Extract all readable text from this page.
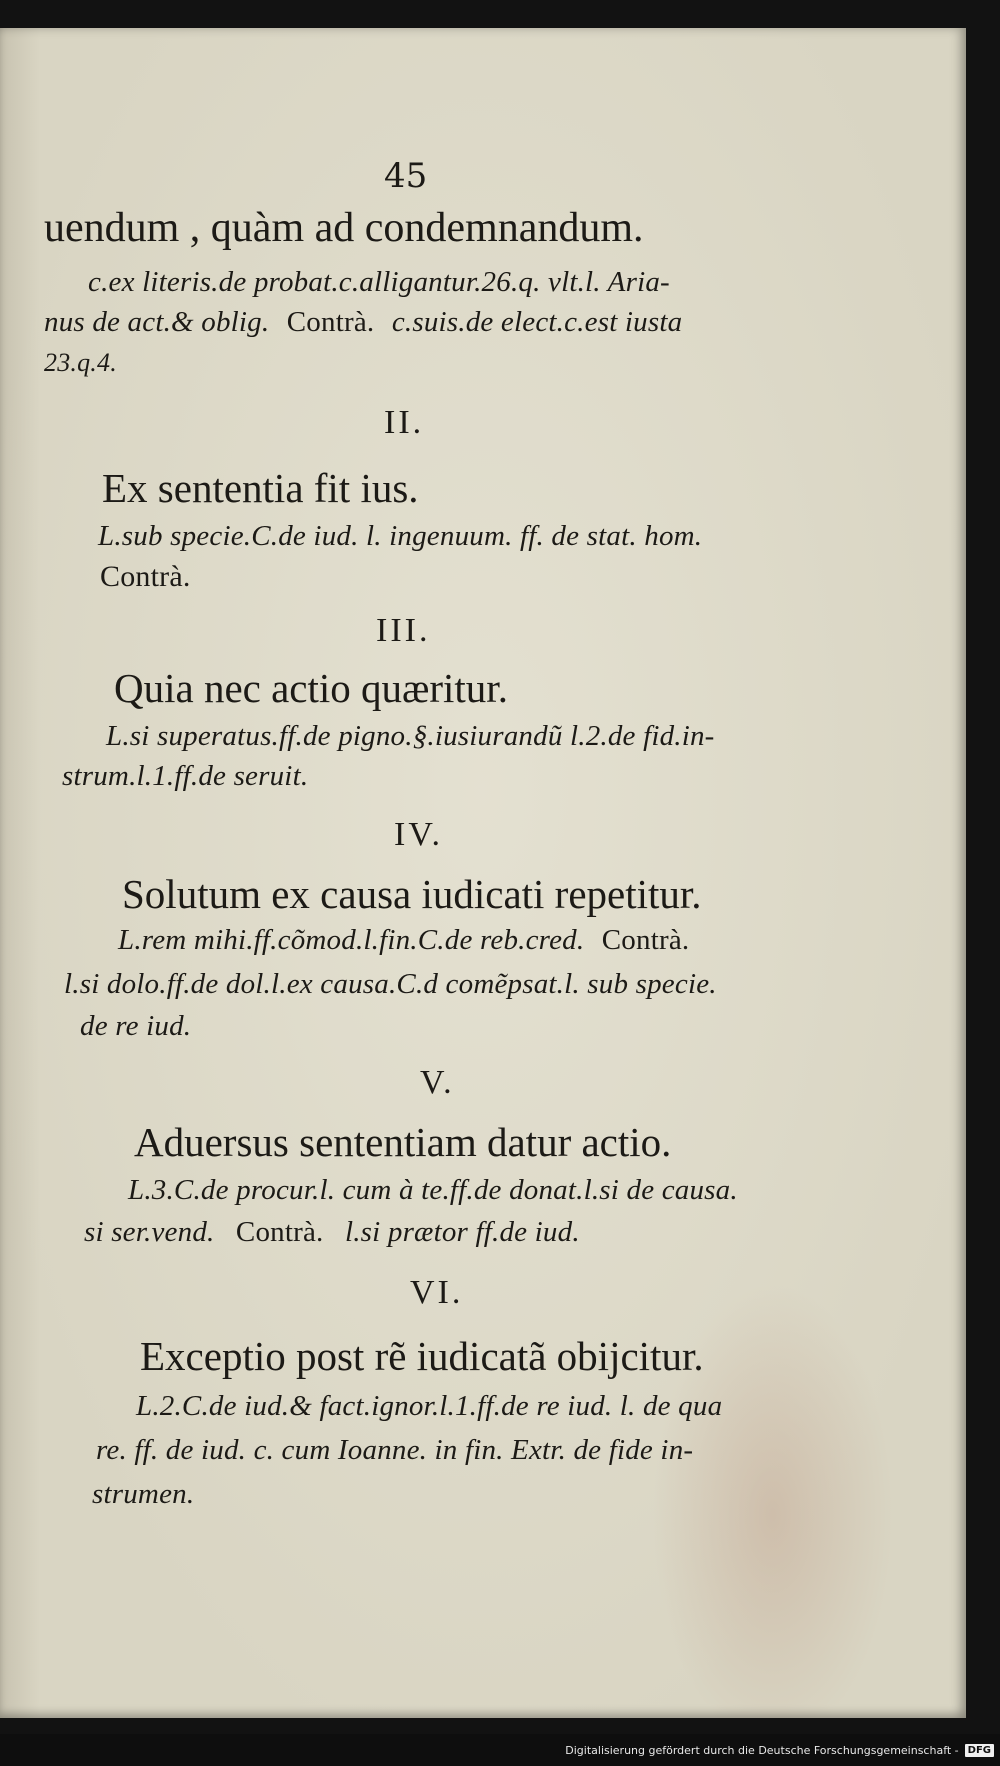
45

uendum , quàm ad condemnandum.

c.ex literis.de probat.c.alligantur.26.q. vlt.l. Aria-

nus de act.& oblig. Contrà. c.suis.de elect.c.est iusta

23.q.4.

II.

Ex sententia fit ius.

L.sub specie.C.de iud. l. ingenuum. ff. de stat. hom.

Contrà.

III.

Quia nec actio quæritur.

L.si superatus.ff.de pigno.§.iusiurandũ l.2.de fid.in-

strum.l.1.ff.de seruit.

IV.

Solutum ex causa iudicati repetitur.

L.rem mihi.ff.cõmod.l.fin.C.de reb.cred. Contrà.

l.si dolo.ff.de dol.l.ex causa.C.d comẽpsat.l. sub specie.

de re iud.

V.

Aduersus sententiam datur actio.

L.3.C.de procur.l. cum à te.ff.de donat.l.si de causa.

si ser.vend. Contrà. l.si prætor ff.de iud.

VI.

Exceptio post rẽ iudicatã obijcitur.

L.2.C.de iud.& fact.ignor.l.1.ff.de re iud. l. de qua

re. ff. de iud. c. cum Ioanne. in fin. Extr. de fide in-

strumen.

Digitalisierung gefördert durch die Deutsche Forschungsgemeinschaft - DFG
